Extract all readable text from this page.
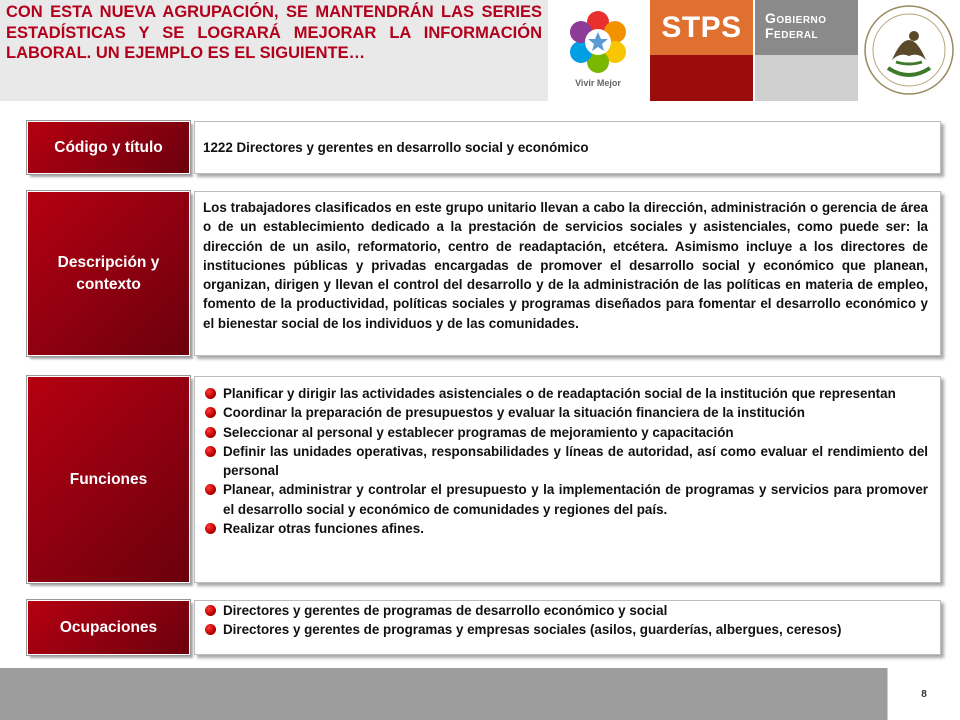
CON ESTA NUEVA AGRUPACIÓN, SE MANTENDRÁN LAS SERIES ESTADÍSTICAS Y SE LOGRARÁ MEJORAR LA INFORMACIÓN LABORAL. UN EJEMPLO ES EL SIGUIENTE…
Vivir Mejor
STPS	Gobierno
Federal
Código y título	1222 Directores y gerentes en desarrollo social y económico
Descripción y contexto

Los trabajadores clasificados en este grupo unitario llevan a cabo la dirección, administración o gerencia de área o de un establecimiento dedicado a la prestación de servicios sociales y asistenciales, como puede ser: la dirección de un asilo, reformatorio, centro de readaptación, etcétera. Asimismo incluye a los directores de instituciones públicas y privadas encargadas de promover el desarrollo social y económico que planean, organizan, dirigen y llevan el control del desarrollo y de la administración de las políticas en materia de empleo, fomento de la productividad, políticas sociales y programas diseñados para fomentar el desarrollo económico y el bienestar social de los individuos y de las comunidades.

Funciones
Planificar y dirigir las actividades asistenciales o de readaptación social de la institución que representan
Coordinar la preparación de presupuestos y evaluar la situación financiera de la institución
Seleccionar al personal y establecer programas de mejoramiento y capacitación
Definir las unidades operativas, responsabilidades y líneas de autoridad, así como evaluar el rendimiento del personal
Planear, administrar y controlar el presupuesto y la implementación de programas y servicios para promover el desarrollo social y económico de comunidades y regiones del país.
Realizar otras funciones afines.
Ocupaciones
Directores y gerentes de programas de desarrollo económico y social
Directores y gerentes de programas y empresas sociales (asilos, guarderías, albergues, ceresos)
8
